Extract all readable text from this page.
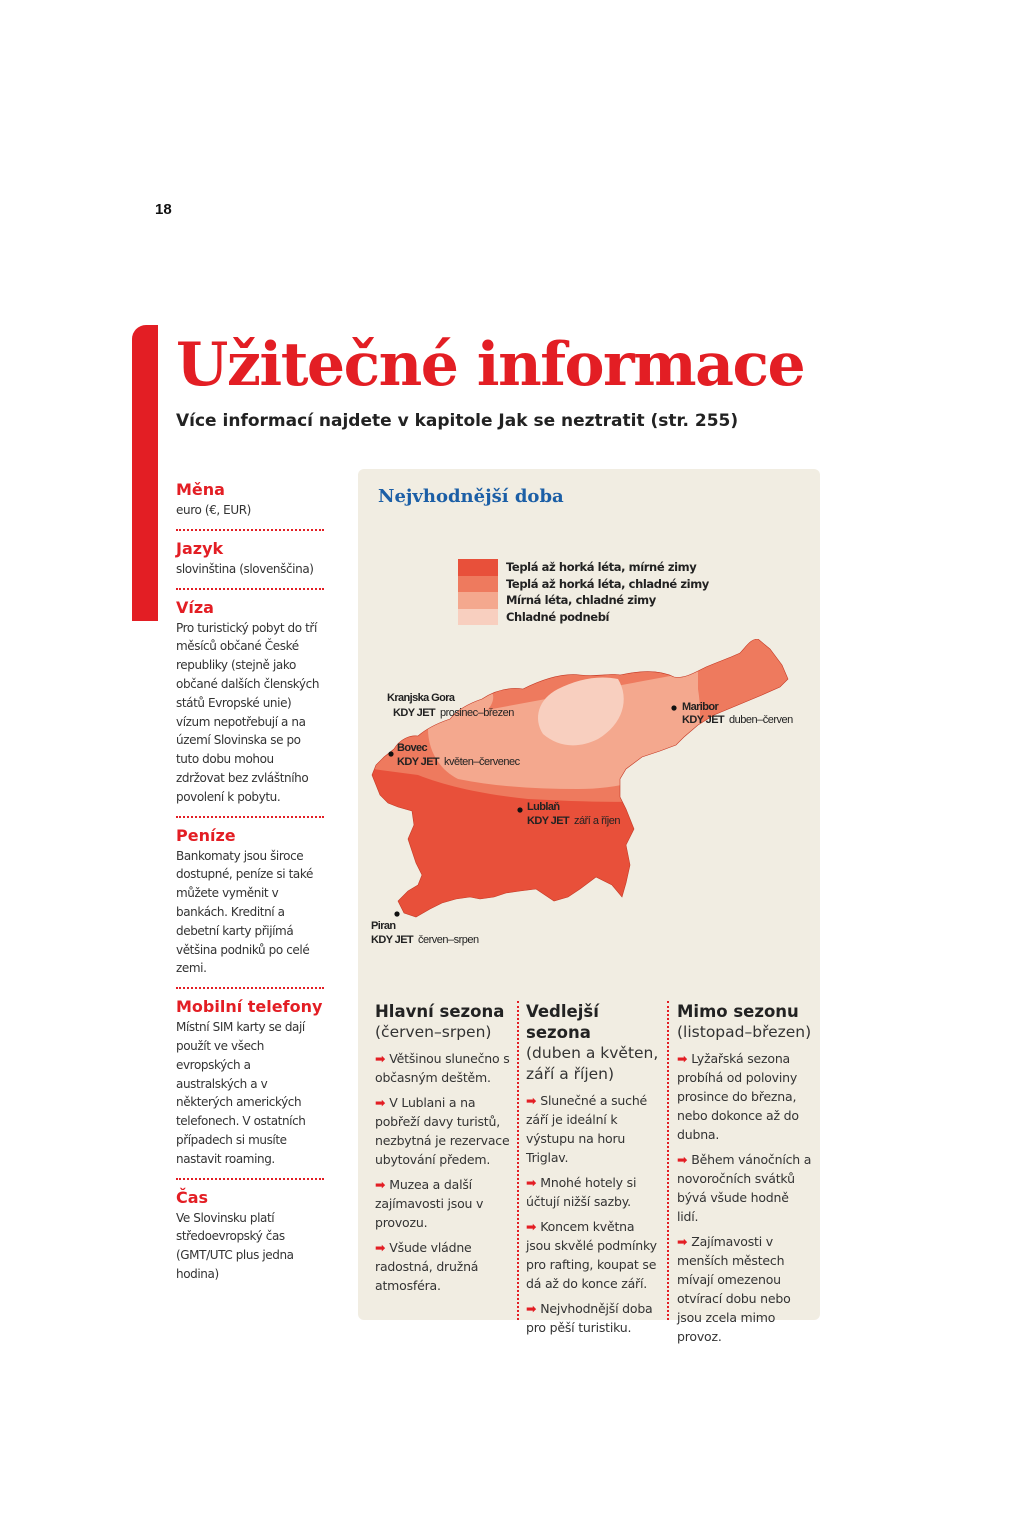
18
Užitečné informace
Více informací najdete v kapitole Jak se neztratit (str. 255)
Měna
euro (€, EUR)
Jazyk
slovinština (slovenščina)
Víza
Pro turistický pobyt do tří měsíců občané České republiky (stejně jako občané dalších členských států Evropské unie) vízum nepotřebují a na území Slovinska se po tuto dobu mohou zdržovat bez zvláštního povolení k pobytu.
Peníze
Bankomaty jsou široce dostupné, peníze si také můžete vyměnit v bankách. Kreditní a debetní karty přijímá většina podniků po celé zemi.
Mobilní telefony
Místní SIM karty se dají použít ve všech evropských a australských a v některých amerických telefonech. V ostatních případech si musíte nastavit roaming.
Čas
Ve Slovinsku platí středoevropský čas (GMT/UTC plus jedna hodina)
Nejvhodnější doba
Teplá až horká léta, mírné zimy
Teplá až horká léta, chladné zimy
Mírná léta, chladné zimy
Chladné podnebí
Kranjska Gora
KDY JET prosinec–březen
Bovec
KDY JET květen–červenec
Maribor
KDY JET duben–červen
Lublaň
KDY JET září a říjen
Piran
KDY JET červen–srpen
Hlavní sezona
(červen–srpen)
➡ Většinou slunečno s občasným deštěm.
➡ V Lublani a na pobřeží davy turistů, nezbytná je rezervace ubytování předem.
➡ Muzea a další zajímavosti jsou v provozu.
➡ Všude vládne radostná, družná atmosféra.
Vedlejší sezona
(duben a květen, září a říjen)
➡ Slunečné a suché září je ideální k výstupu na horu Triglav.
➡ Mnohé hotely si účtují nižší sazby.
➡ Koncem května jsou skvělé podmínky pro rafting, koupat se dá až do konce září.
➡ Nejvhodnější doba pro pěší turistiku.
Mimo sezonu
(listopad–březen)
➡ Lyžařská sezona probíhá od poloviny prosince do března, nebo dokonce až do dubna.
➡ Během vánočních a novoročních svátků bývá všude hodně lidí.
➡ Zajímavosti v menších městech mívají omezenou otvírací dobu nebo jsou zcela mimo provoz.
